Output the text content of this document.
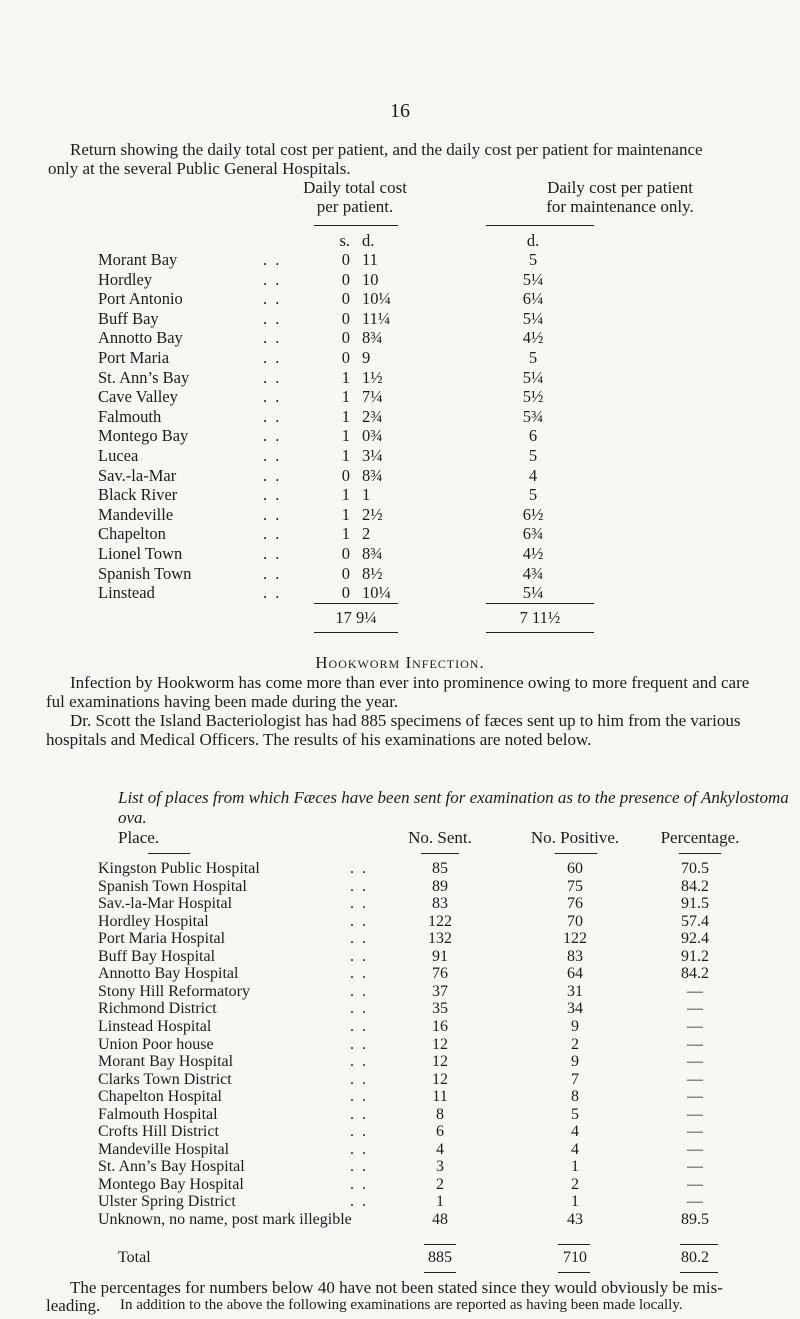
16
Return showing the daily total cost per patient, and the daily cost per patient for maintenance
only at the several Public General Hospitals.
Daily total cost
per patient.
Daily cost per patient
for maintenance only.
s. d.	d.
Morant Bay	. .	0 11	5
Hordley	. .	0 10	5¼
Port Antonio	. .	0 10¼	6¼
Buff Bay	. .	0 11¼	5¼
Annotto Bay	. .	0 8¾	4½
Port Maria	. .	0 9	5
St. Ann’s Bay	. .	1 1½	5¼
Cave Valley	. .	1 7¼	5½
Falmouth	. .	1 2¾	5¾
Montego Bay	. .	1 0¾	6
Lucea	. .	1 3¼	5
Sav.-la-Mar	. .	0 8¾	4
Black River	. .	1 1	5
Mandeville	. .	1 2½	6½
Chapelton	. .	1 2	6¾
Lionel Town	. .	0 8¾	4½
Spanish Town	. .	0 8½	4¾
Linstead	. .	0 10¼	5¼
17 9¼	7 11½
Hookworm Infection.
Infection by Hookworm has come more than ever into prominence owing to more frequent and care
ful examinations having been made during the year.
Dr. Scott the Island Bacteriologist has had 885 specimens of fæces sent up to him from the various
hospitals and Medical Officers. The results of his examinations are noted below.
List of places from which Fæces have been sent for examination as to the presence of Ankylostoma ova.
Place.	No. Sent.	No. Positive.	Percentage.
Kingston Public Hospital	. .	85	60	70.5
Spanish Town Hospital	. .	89	75	84.2
Sav.-la-Mar Hospital	. .	83	76	91.5
Hordley Hospital	. .	122	70	57.4
Port Maria Hospital	. .	132	122	92.4
Buff Bay Hospital	. .	91	83	91.2
Annotto Bay Hospital	. .	76	64	84.2
Stony Hill Reformatory	. .	37	31	—
Richmond District	. .	35	34	—
Linstead Hospital	. .	16	9	—
Union Poor house	. .	12	2	—
Morant Bay Hospital	. .	12	9	—
Clarks Town District	. .	12	7	—
Chapelton Hospital	. .	11	8	—
Falmouth Hospital	. .	8	5	—
Crofts Hill District	. .	6	4	—
Mandeville Hospital	. .	4	4	—
St. Ann’s Bay Hospital	. .	3	1	—
Montego Bay Hospital	. .	2	2	—
Ulster Spring District	. .	1	1	—
Unknown, no name, post mark illegible	48	43	89.5
Total	885	710	80.2
The percentages for numbers below 40 have not been stated since they would obviously be mis-
leading. In addition to the above the following examinations are reported as having been made locally.
